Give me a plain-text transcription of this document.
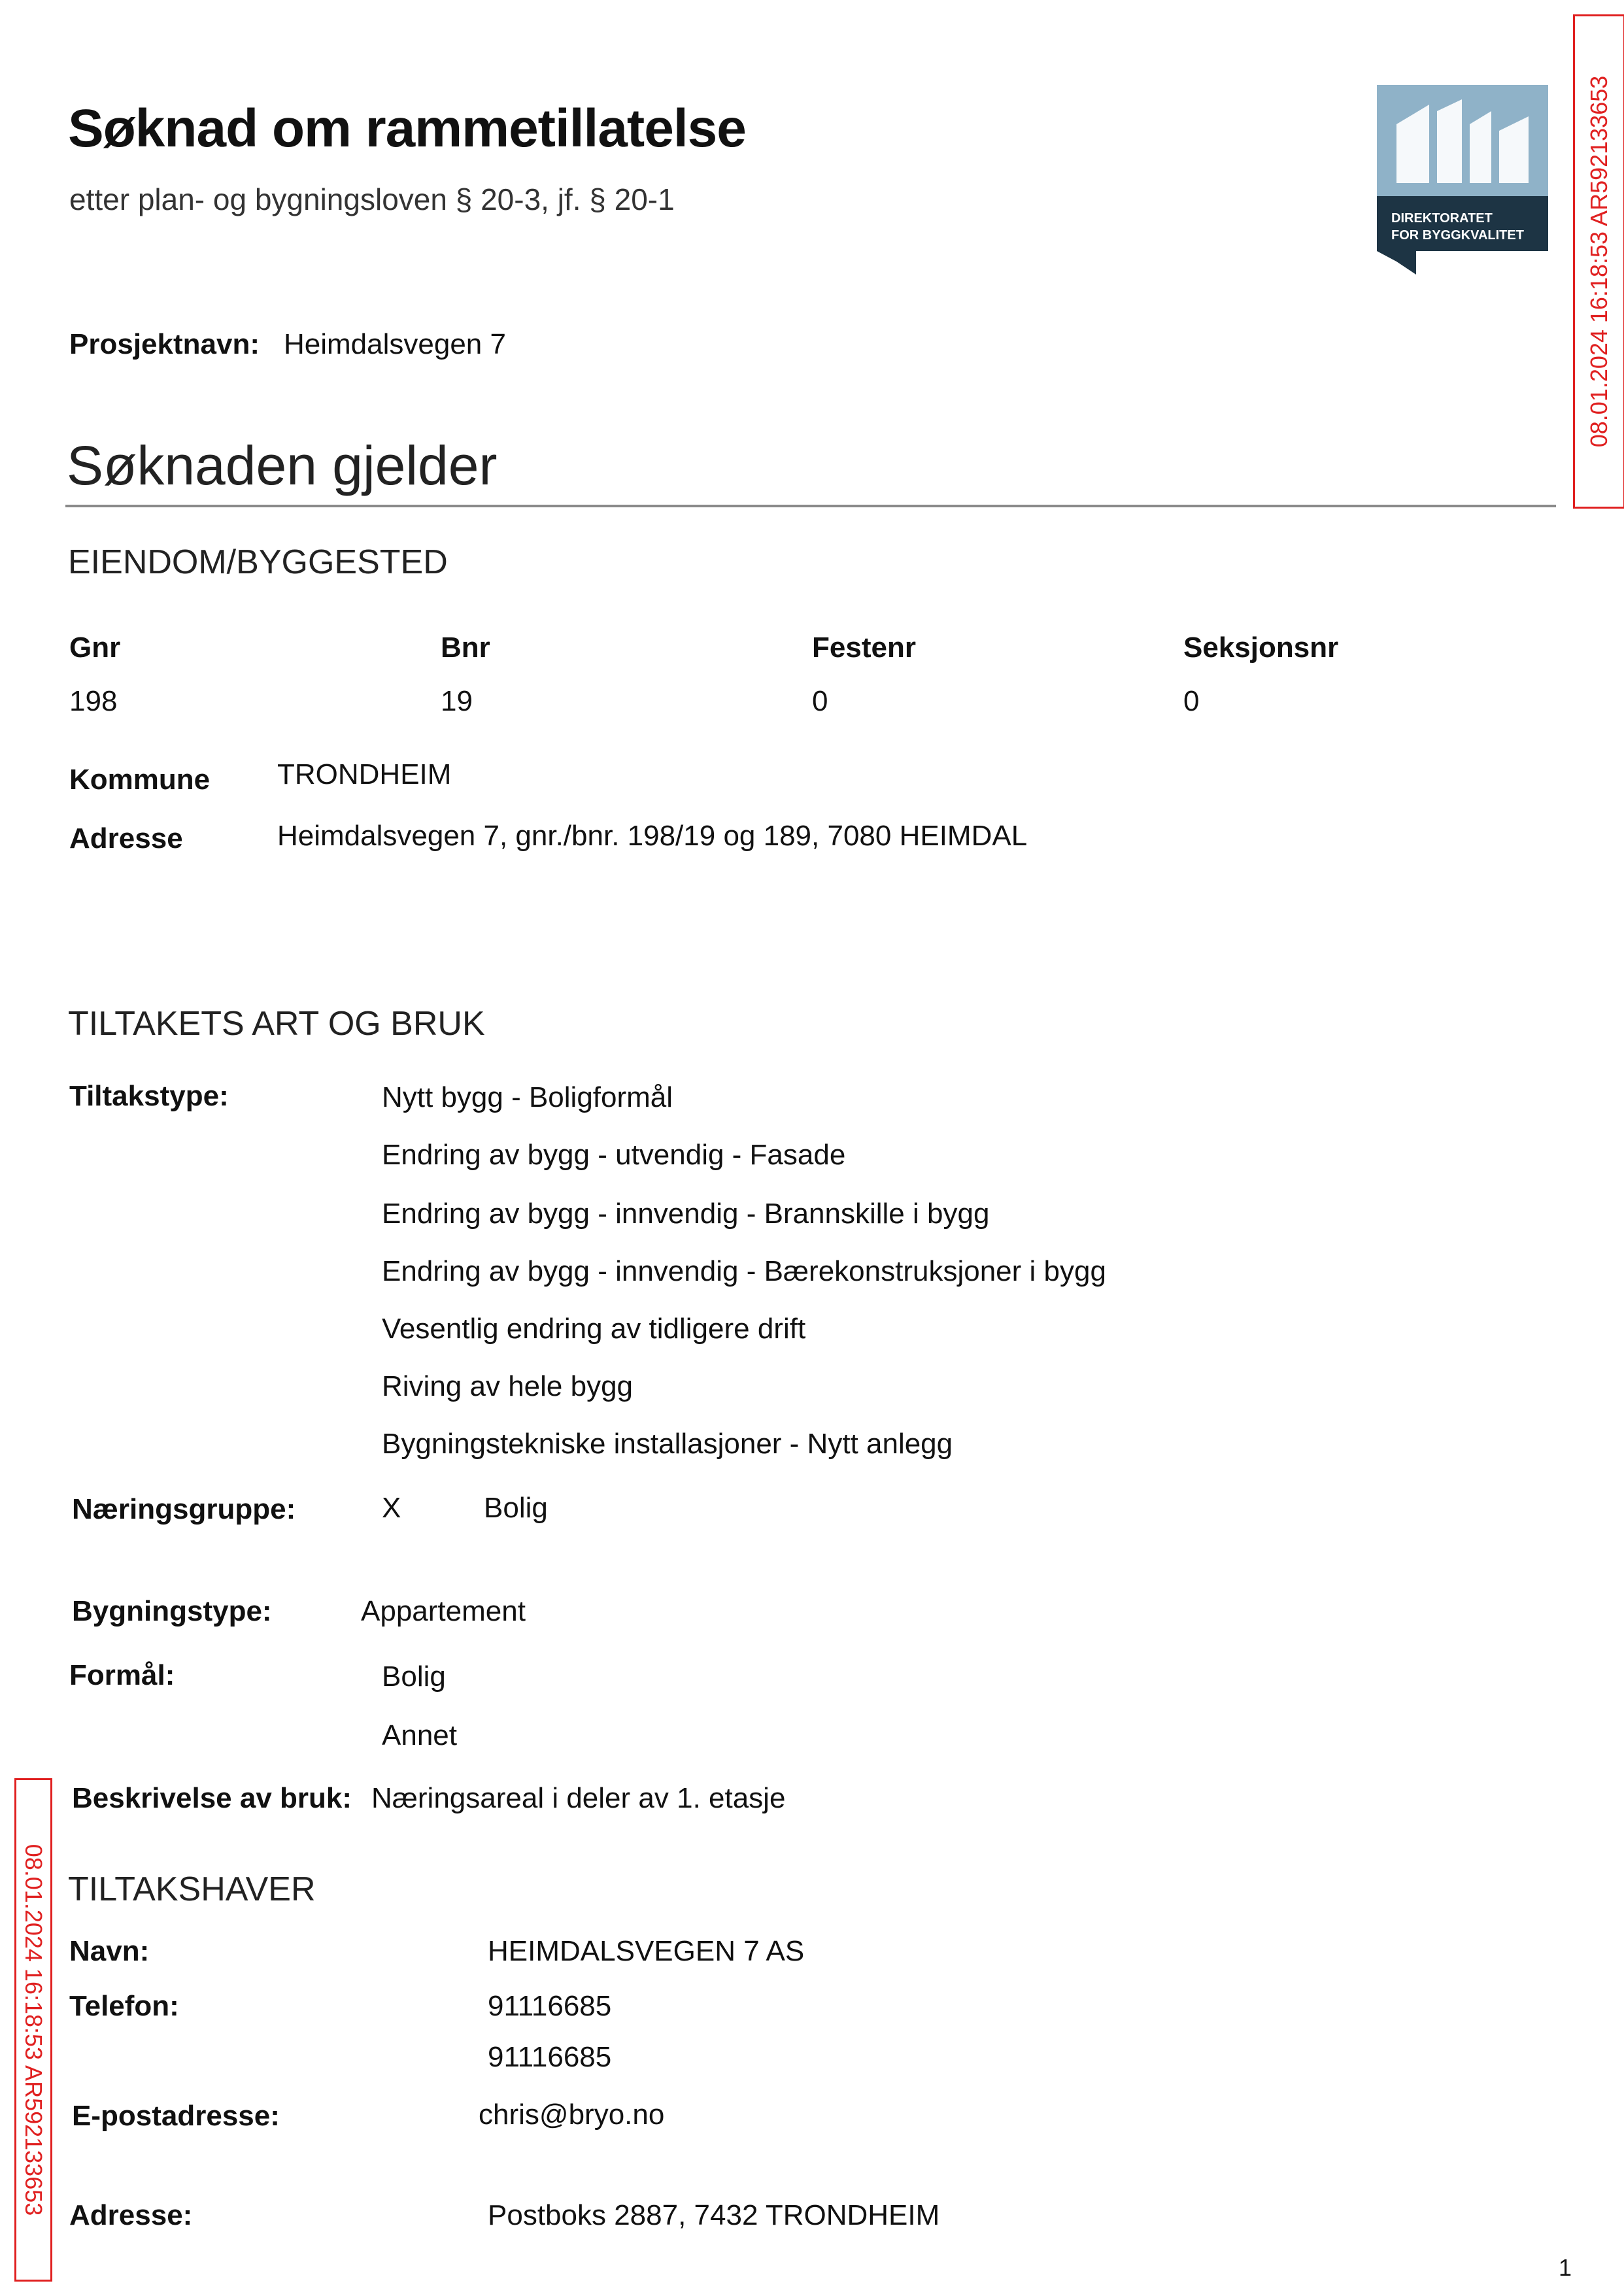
Søknad om rammetillatelse
etter plan- og bygningsloven § 20-3, jf. § 20-1
DIREKTORATET
FOR BYGGKVALITET	08.01.2024 16:18:53 AR592133653
Prosjektnavn: Heimdalsvegen 7
Søknaden gjelder
EIENDOM/BYGGESTED
Gnr	Bnr	Festenr	Seksjonsnr
198	19	0	0
Kommune TRONDHEIM
Adresse	Heimdalsvegen 7, gnr./bnr. 198/19 og 189, 7080 HEIMDAL
TILTAKETS ART OG BRUK
Tiltakstype:	Nytt bygg - Boligformål
Endring av bygg - utvendig - Fasade
Endring av bygg - innvendig - Brannskille i bygg
Endring av bygg - innvendig - Bærekonstruksjoner i bygg
Vesentlig endring av tidligere drift
Riving av hele bygg
Bygningstekniske installasjoner - Nytt anlegg
Næringsgruppe:	X	Bolig
Bygningstype:	Appartement
Formål:	Bolig
Annet
Beskrivelse av bruk: Næringsareal i deler av 1. etasje
08.01.2024 16:18:53 AR592133653 TILTAKSHAVER
Navn:	HEIMDALSVEGEN 7 AS
Telefon:	91116685
91116685
E-postadresse:	chris@bryo.no
Adresse:	Postboks 2887, 7432 TRONDHEIM
1
